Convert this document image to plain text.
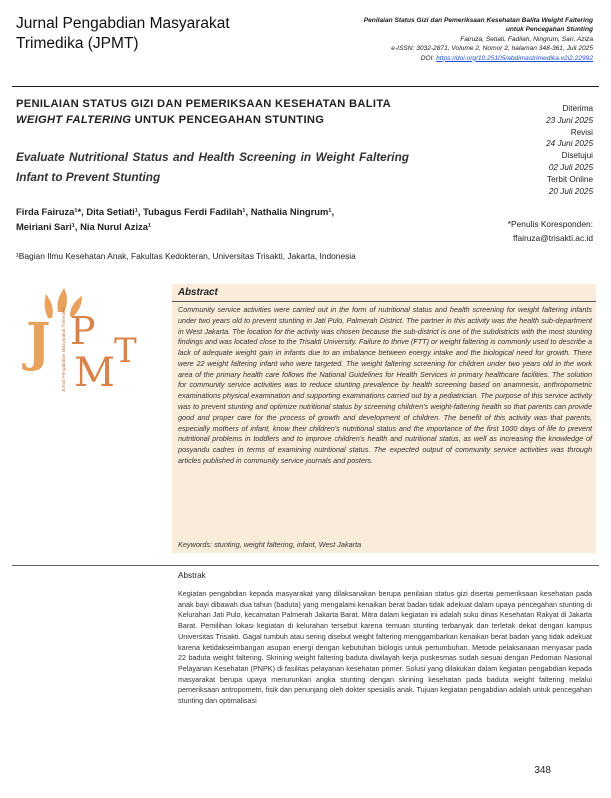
Jurnal Pengabdian Masyarakat
Trimedika (JPMT)
Penilaian Status Gizi dan Pemeriksaan Kesehatan Balita Weight Faltering
untuk Pencegahan Stunting
Fairuza, Setiati, Fadilah, Ningrum, Sari, Aziza
e-ISSN: 3032-2871, Volume 2, Nomor 2, halaman 348-361, Juli 2025
DOI: https://doi.org/10.25105/abdimastrimedika.v2i2.22992
PENILAIAN STATUS GIZI DAN PEMERIKSAAN KESEHATAN BALITA
WEIGHT FALTERING UNTUK PENCEGAHAN STUNTING
Evaluate Nutritional Status and Health Screening in Weight Faltering Infant to Prevent Stunting
Diterima
23 Juni 2025
Revisi
24 Juni 2025
Disetujui
02 Juli 2025
Terbit Online
20 Juli 2025
Firda Fairuza¹*, Dita Setiati¹, Tubagus Ferdi Fadilah¹, Nathalia Ningrum¹,
Meiriani Sari¹, Nia Nurul Aziza¹	*Penulis Koresponden:
ffairuza@trisakti.ac.id
¹Bagian Ilmu Kesehatan Anak, Fakultas Kedokteran, Universitas Trisakti, Jakarta, Indonesia
J P
M T
Jurnal Pengabdian Masyarakat Trimedika
Abstract
Community service activities were carried out in the form of nutritional status and health screening for weight faltering infants under two years old to prevent stunting in Jati Pulo, Palmerah District. The partner in this activity was the health sub-department in West Jakarta. The location for the activity was chosen because the sub-district is one of the subdistricts with the most stunting findings and was located close to the Trisakti University. Failure to thrive (FTT) or weight faltering is commonly used to describe a lack of adequate weight gain in infants due to an imbalance between energy intake and the biological need for growth. There were 22 weight faltering infant who were targeted. The weight faltering screening for children under two years old in the work area of the primary health care follows the National Guidelines for Health Services in primary healthcare facilities. The solution for community service activities was to reduce stunting prevalence by health screening based on anamnesis, anthropometric examinations physical examination and supporting examinations carried out by a pediatrician. The purpose of this service activity was to prevent stunting and optimize nutritional status by screening children's weight-faltering health so that parents can provide good and proper care for the process of growth and development of children. The benefit of this activity was that parents, especially mothers of infant, know their children's nutritional status and the importance of the first 1000 days of life to prevent nutritional problems in toddlers and to improve children's health and nutritional status, as well as increasing the knowledge of posyandu cadres in terms of examining nutritional status. The expected output of community service activities was through articles published in community service journals and posters.
Keywords: stunting, weight faltering, infant, West Jakarta
Abstrak
Kegiatan pengabdian kepada masyarakat yang dilaksanakan berupa penilaian status gizi disertai pemeriksaan kesehatan pada anak bayi dibawah dua tahun (baduta) yang mengalami kenaikan berat badan tidak adekuat dalam upaya pencegahan stunting di Kelurahan Jati Pulo, kecamatan Palmerah Jakarta Barat. Mitra dalam kegiatan ini adalah suku dinas Kesehatan Rakyat di Jakarta Barat. Pemilihan lokasi kegiatan di kelurahan tersebut karena temuan stunting terbanyak dan terletak dekat dengan kampus Universitas Trisakti. Gagal tumbuh atau sering disebut weight faltering menggambarkan kenaikan berat badan yang tidak adekuat karena ketidakseimbangan asupan energi dengan kebutuhan biologis untuk pertumbuhan. Metode pelaksanaan menyasar pada 22 baduta weight faltering. Skrining weight faltering baduta diwilayah kerja puskesmas sudah sesuai dengan Pedoman Nasional Pelayanan Kesehatan (PNPK) di fasilitas pelayanan kesehatan primer. Solusi yang dilakukan dalam kegiatan pengabdian kepada masyarakat berupa upaya menurunkan angka stunting dengan skrining kesehatan pada baduta weight faltering melalui pemeriksaan antropometri, fisik dan penunjang oleh dokter spesialis anak. Tujuan kegiatan pengabdian adalah untuk pencegahan stunting dan optimalisasi
348
